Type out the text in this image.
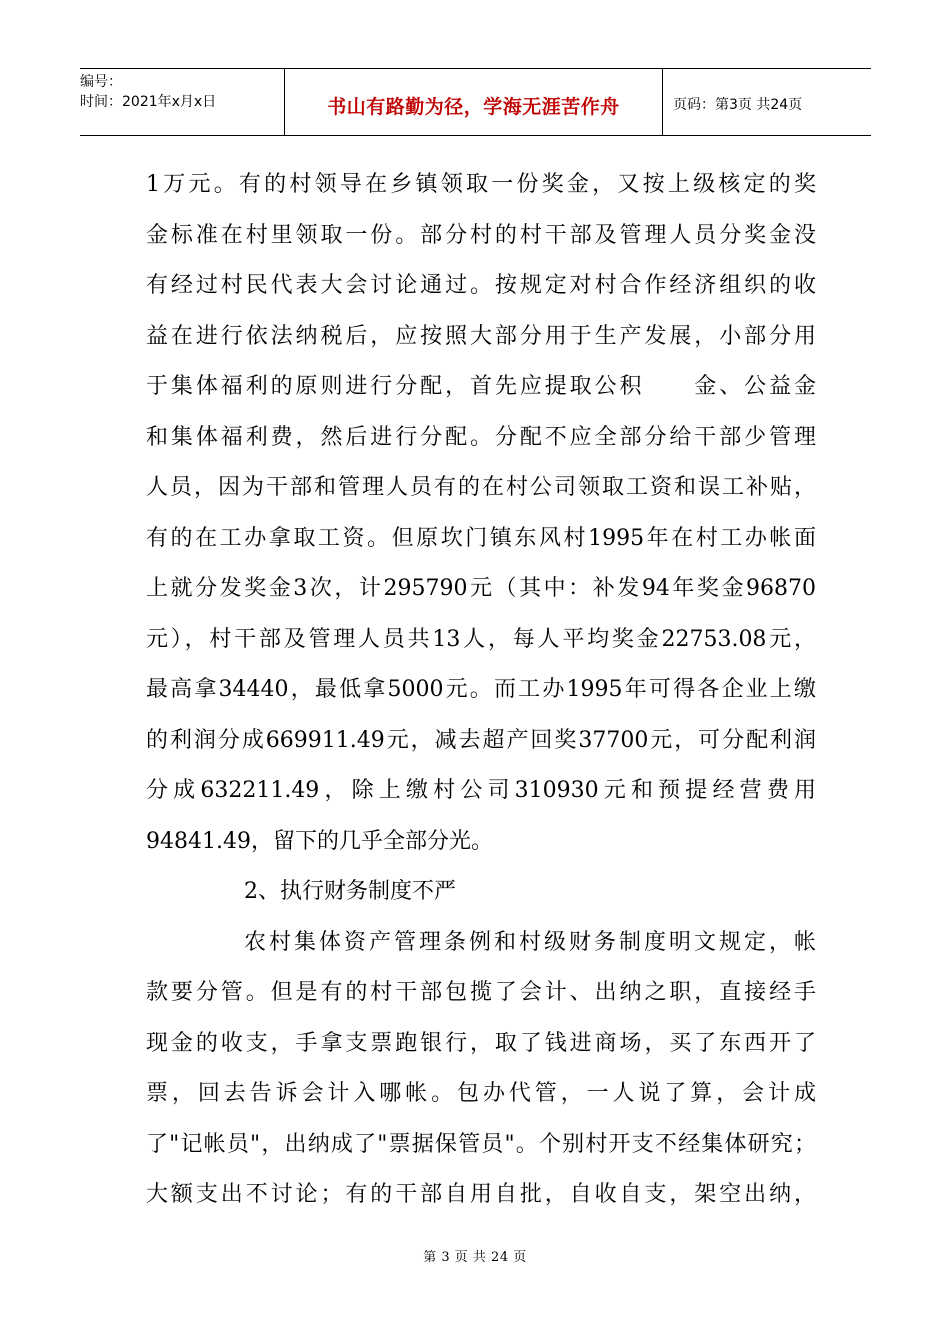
编号：
时间：2021年x月x日	书山有路勤为径，学海无涯苦作舟	页码：第3页 共24页
1万元。有的村领导在乡镇领取一份奖金，又按上级核定的奖
金标准在村里领取一份。部分村的村干部及管理人员分奖金没
有经过村民代表大会讨论通过。按规定对村合作经济组织的收
益在进行依法纳税后，应按照大部分用于生产发展，小部分用
于集体福利的原则进行分配，首先应提取公积　　金、公益金
和集体福利费，然后进行分配。分配不应全部分给干部少管理
人员，因为干部和管理人员有的在村公司领取工资和误工补贴，
有的在工办拿取工资。但原坎门镇东风村1995年在村工办帐面
上就分发奖金3次，计295790元（其中：补发94年奖金96870
元），村干部及管理人员共13人，每人平均奖金22753.08元，
最高拿34440，最低拿5000元。而工办1995年可得各企业上缴
的利润分成669911.49元，减去超产回奖37700元，可分配利润
分成632211.49，除上缴村公司310930元和预提经营费用
94841.49，留下的几乎全部分光。
2、执行财务制度不严
农村集体资产管理条例和村级财务制度明文规定，帐
款要分管。但是有的村干部包揽了会计、出纳之职，直接经手
现金的收支，手拿支票跑银行，取了钱进商场，买了东西开了
票，回去告诉会计入哪帐。包办代管，一人说了算，会计成
了"记帐员"，出纳成了"票据保管员"。个别村开支不经集体研究；
大额支出不讨论；有的干部自用自批，自收自支，架空出纳，
第 3 页 共 24 页
